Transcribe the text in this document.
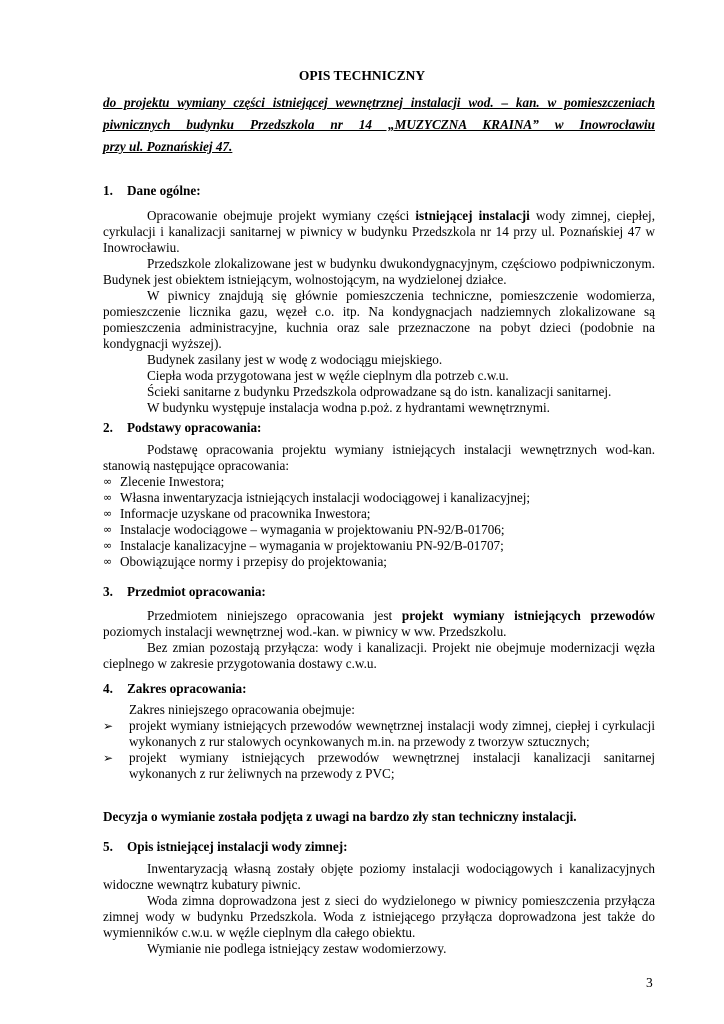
OPIS TECHNICZNY
do projektu wymiany części istniejącej wewnętrznej instalacji wod. – kan. w pomieszczeniach
piwnicznych budynku Przedszkola nr 14 „MUZYCZNA KRAINA” w Inowrocławiu
przy ul. Poznańskiej 47.
1. Dane ogólne:

Opracowanie obejmuje projekt wymiany części istniejącej instalacji wody zimnej, ciepłej, cyrkulacji i kanalizacji sanitarnej w piwnicy w budynku Przedszkola nr 14 przy ul. Poznańskiej 47 w Inowrocławiu.

Przedszkole zlokalizowane jest w budynku dwukondygnacyjnym, częściowo podpiwniczonym. Budynek jest obiektem istniejącym, wolnostojącym, na wydzielonej działce.

W piwnicy znajdują się głównie pomieszczenia techniczne, pomieszczenie wodomierza, pomieszczenie licznika gazu, węzeł c.o. itp. Na kondygnacjach nadziemnych zlokalizowane są pomieszczenia administracyjne, kuchnia oraz sale przeznaczone na pobyt dzieci (podobnie na kondygnacji wyższej).

Budynek zasilany jest w wodę z wodociągu miejskiego.

Ciepła woda przygotowana jest w węźle cieplnym dla potrzeb c.w.u.

Ścieki sanitarne z budynku Przedszkola odprowadzane są do istn. kanalizacji sanitarnej.

W budynku występuje instalacja wodna p.poż. z hydrantami wewnętrznymi.

2. Podstawy opracowania:

Podstawę opracowania projektu wymiany istniejących instalacji wewnętrznych wod-kan. stanowią następujące opracowania:

∞ Zlecenie Inwestora;
∞ Własna inwentaryzacja istniejących instalacji wodociągowej i kanalizacyjnej;
∞ Informacje uzyskane od pracownika Inwestora;
∞ Instalacje wodociągowe – wymagania w projektowaniu PN-92/B-01706;
∞ Instalacje kanalizacyjne – wymagania w projektowaniu PN-92/B-01707;
∞ Obowiązujące normy i przepisy do projektowania;
3. Przedmiot opracowania:

Przedmiotem niniejszego opracowania jest projekt wymiany istniejących przewodów poziomych instalacji wewnętrznej wod.-kan. w piwnicy w ww. Przedszkolu.

Bez zmian pozostają przyłącza: wody i kanalizacji. Projekt nie obejmuje modernizacji węzła cieplnego w zakresie przygotowania dostawy c.w.u.

4. Zakres opracowania:

Zakres niniejszego opracowania obejmuje:

➢ projekt wymiany istniejących przewodów wewnętrznej instalacji wody zimnej, ciepłej i cyrkulacji wykonanych z rur stalowych ocynkowanych m.in. na przewody z tworzyw sztucznych;
➢ projekt wymiany istniejących przewodów wewnętrznej instalacji kanalizacji sanitarnej wykonanych z rur żeliwnych na przewody z PVC;
Decyzja o wymianie została podjęta z uwagi na bardzo zły stan techniczny instalacji.
5. Opis istniejącej instalacji wody zimnej:

Inwentaryzacją własną zostały objęte poziomy instalacji wodociągowych i kanalizacyjnych widoczne wewnątrz kubatury piwnic.

Woda zimna doprowadzona jest z sieci do wydzielonego w piwnicy pomieszczenia przyłącza zimnej wody w budynku Przedszkola. Woda z istniejącego przyłącza doprowadzona jest także do wymienników c.w.u. w węźle cieplnym dla całego obiektu.

Wymianie nie podlega istniejący zestaw wodomierzowy.

3
